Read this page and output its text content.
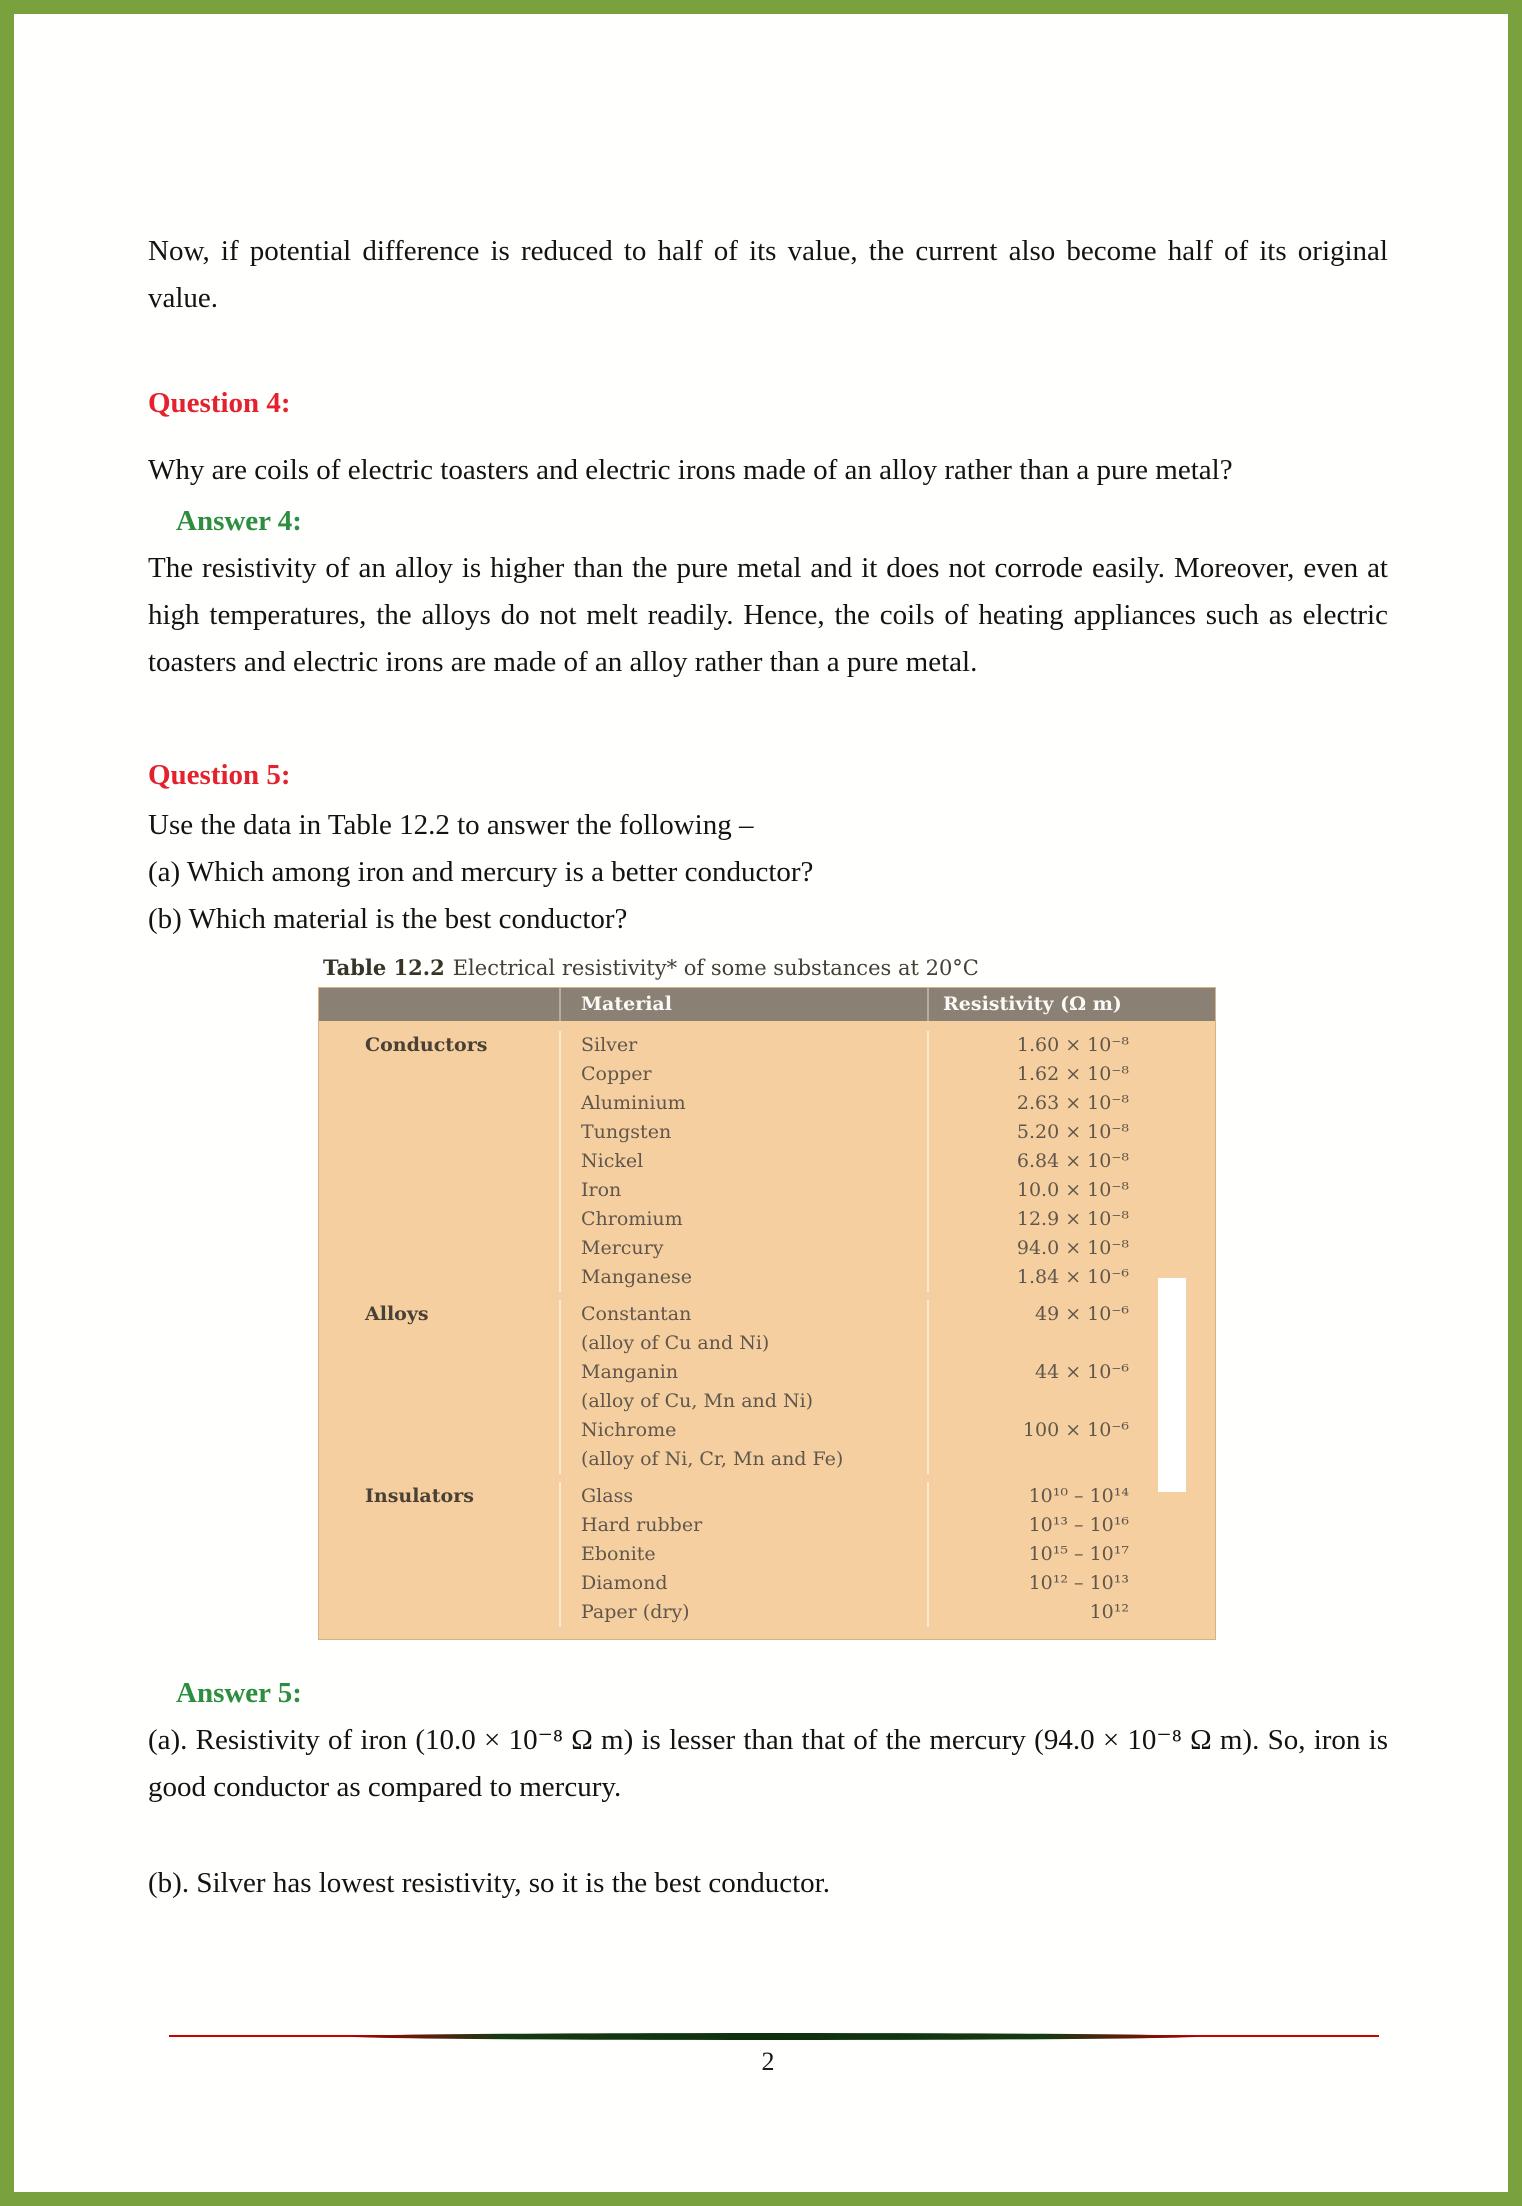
Now, if potential difference is reduced to half of its value, the current also become half of its original value.

Question 4:

Why are coils of electric toasters and electric irons made of an alloy rather than a pure metal?

Answer 4:

The resistivity of an alloy is higher than the pure metal and it does not corrode easily. Moreover, even at high temperatures, the alloys do not melt readily. Hence, the coils of heating appliances such as electric toasters and electric irons are made of an alloy rather than a pure metal.

Question 5:

Use the data in Table 12.2 to answer the following –

(a) Which among iron and mercury is a better conductor?

(b) Which material is the best conductor?

Table 12.2 Electrical resistivity* of some substances at 20°C
Material	Resistivity (Ω m)
Conductors	Silver	1.60 × 10⁻⁸
Copper	1.62 × 10⁻⁸
Aluminium	2.63 × 10⁻⁸
Tungsten	5.20 × 10⁻⁸
Nickel	6.84 × 10⁻⁸
Iron	10.0 × 10⁻⁸
Chromium	12.9 × 10⁻⁸
Mercury	94.0 × 10⁻⁸
Manganese	1.84 × 10⁻⁶
Alloys	Constantan	49 × 10⁻⁶
(alloy of Cu and Ni)
Manganin	44 × 10⁻⁶
(alloy of Cu, Mn and Ni)
Nichrome	100 × 10⁻⁶
(alloy of Ni, Cr, Mn and Fe)
Insulators	Glass	10¹⁰ – 10¹⁴
Hard rubber	10¹³ – 10¹⁶
Ebonite	10¹⁵ – 10¹⁷
Diamond	10¹² – 10¹³
Paper (dry)	10¹²

Answer 5:

(a). Resistivity of iron (10.0 × 10⁻⁸ Ω m) is lesser than that of the mercury (94.0 × 10⁻⁸ Ω m). So, iron is good conductor as compared to mercury.

(b). Silver has lowest resistivity, so it is the best conductor.

2
